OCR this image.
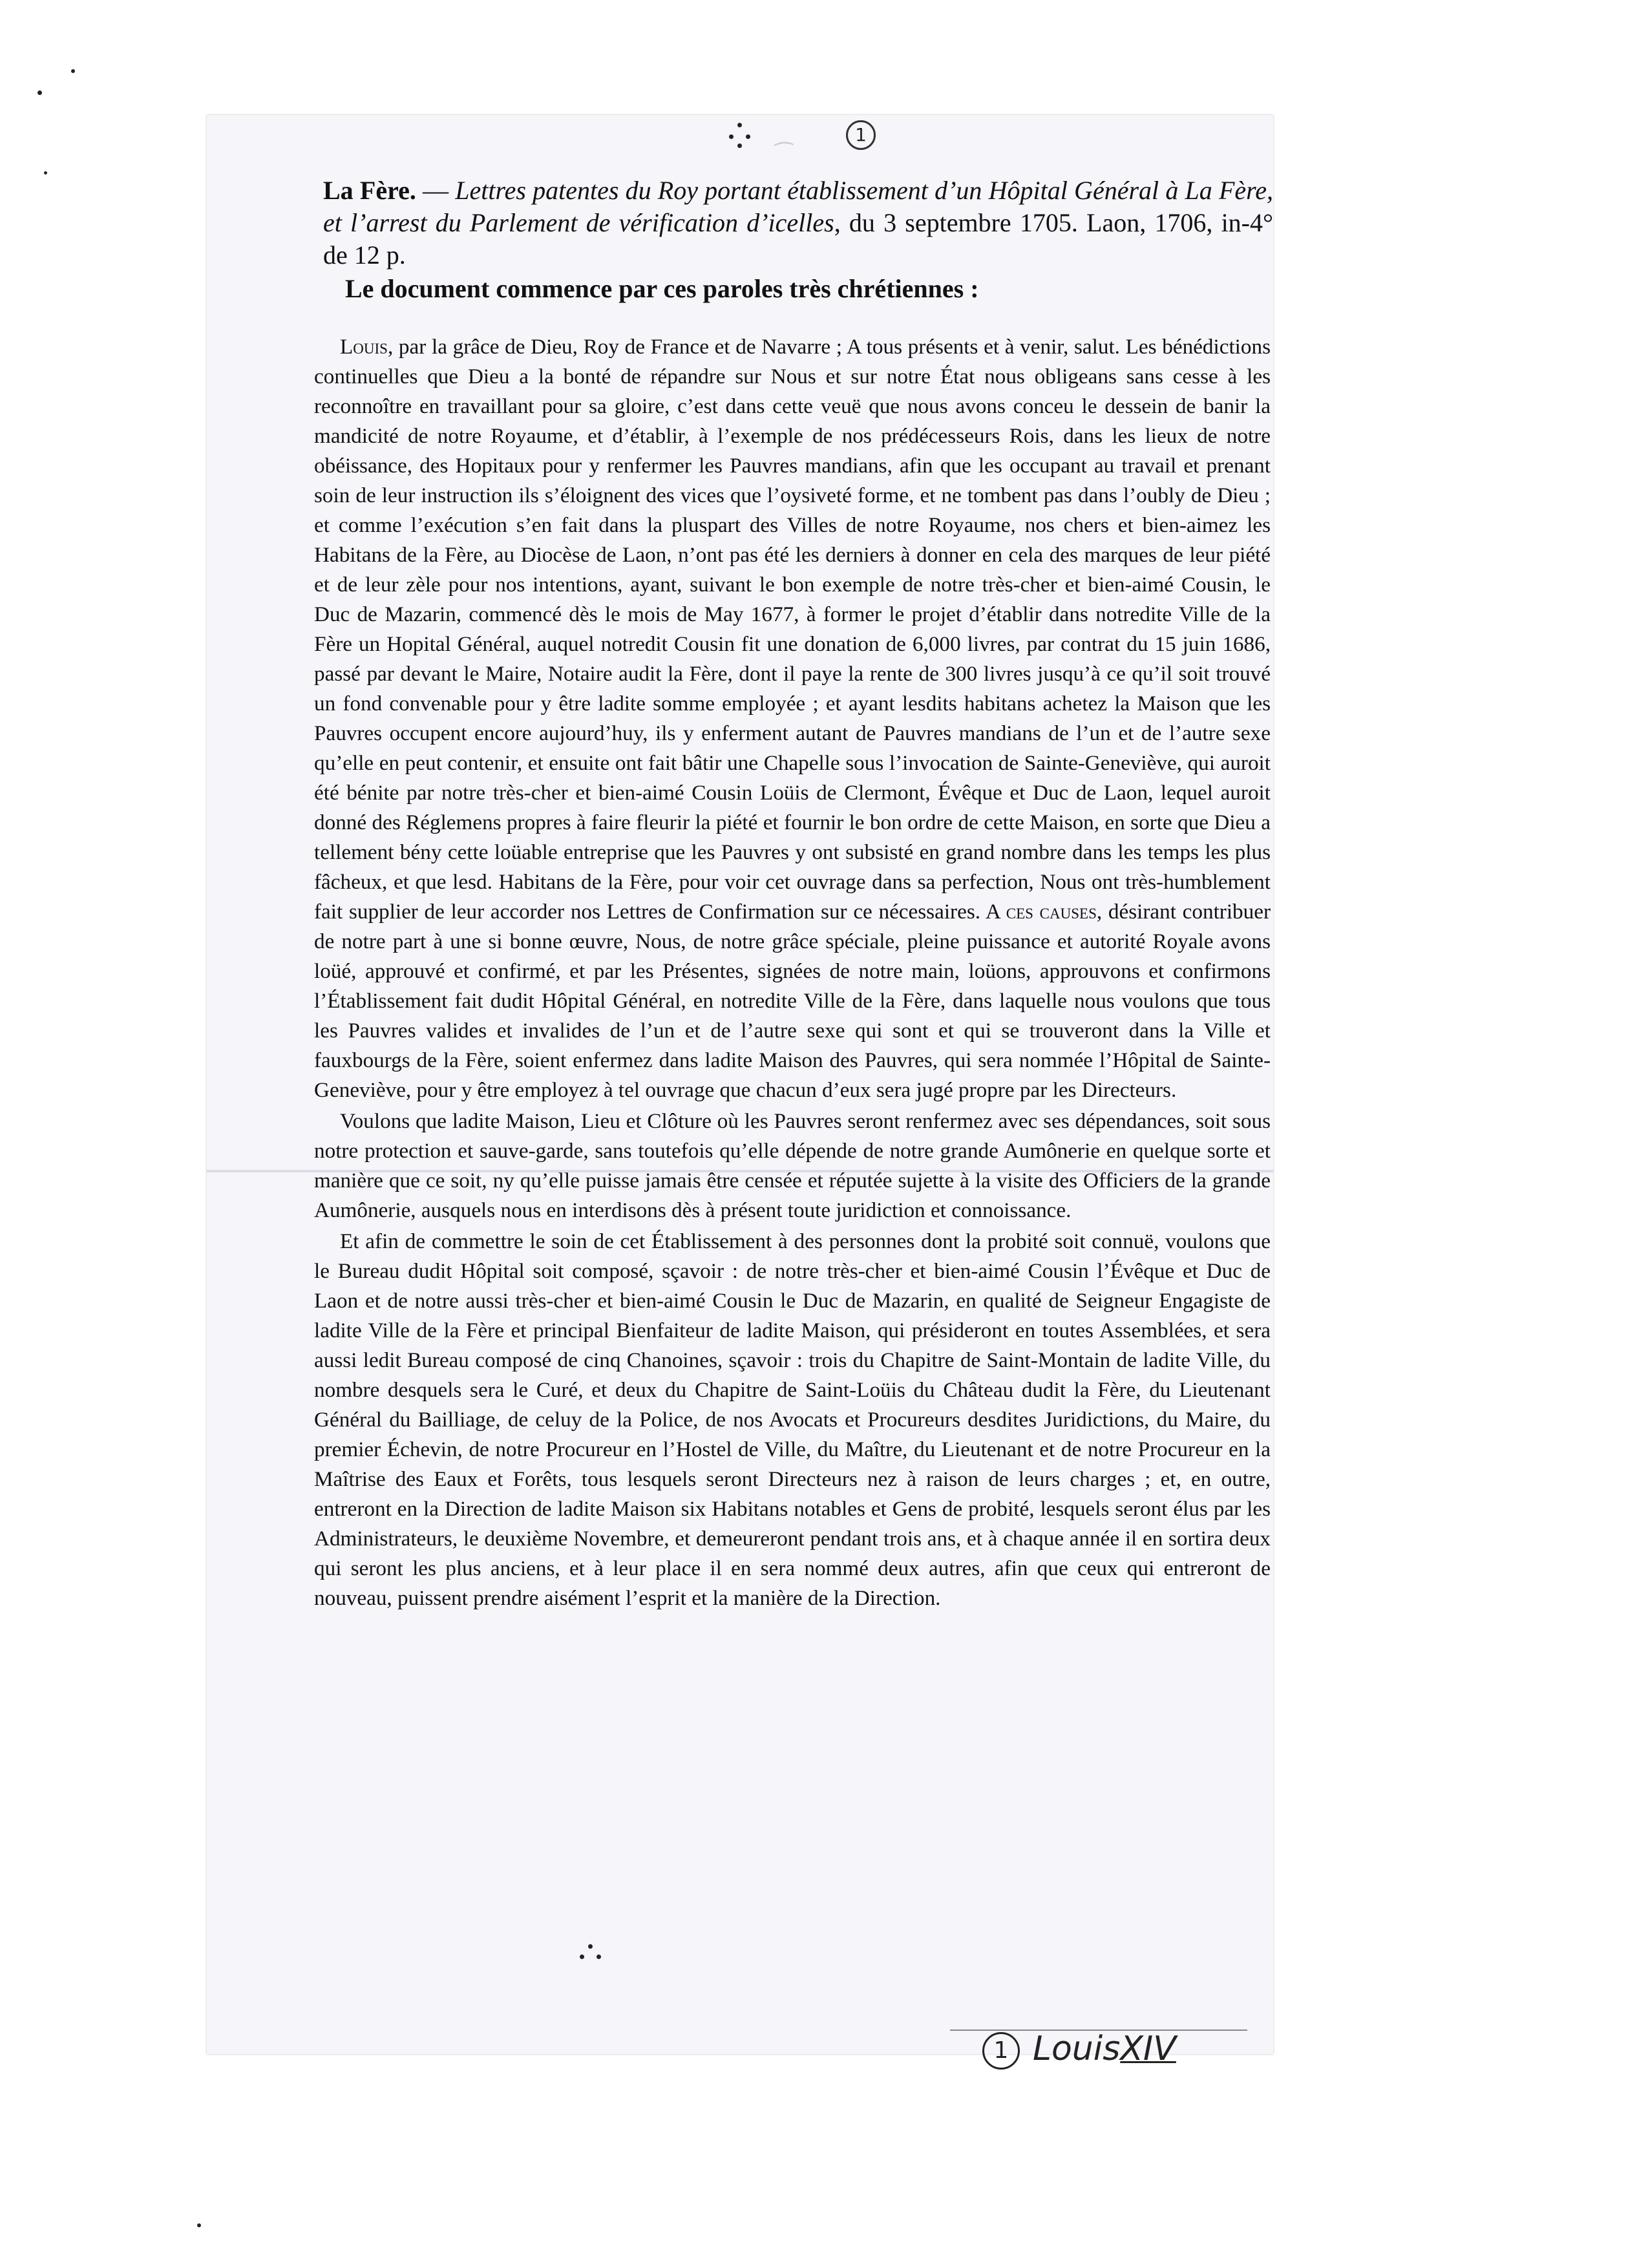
⁀
1
La Fère. — Lettres patentes du Roy portant établissement d’un Hôpital Général à La Fère, et l’arrest du Parlement de vérification d’icelles, du 3 septembre 1705. Laon, 1706, in-4° de 12 p.
Le document commence par ces paroles très chrétiennes :

Louis, par la grâce de Dieu, Roy de France et de Navarre ; A tous présents et à venir, salut. Les bénédictions continuelles que Dieu a la bonté de répandre sur Nous et sur notre État nous obligeans sans cesse à les reconnoître en travaillant pour sa gloire, c’est dans cette veuë que nous avons conceu le dessein de banir la mandicité de notre Royaume, et d’établir, à l’exemple de nos prédécesseurs Rois, dans les lieux de notre obéissance, des Hopitaux pour y renfermer les Pauvres mandians, afin que les occupant au travail et prenant soin de leur instruction ils s’éloignent des vices que l’oysiveté forme, et ne tombent pas dans l’oubly de Dieu ; et comme l’exécution s’en fait dans la pluspart des Villes de notre Royaume, nos chers et bien-aimez les Habitans de la Fère, au Diocèse de Laon, n’ont pas été les derniers à donner en cela des marques de leur piété et de leur zèle pour nos intentions, ayant, suivant le bon exemple de notre très-cher et bien-aimé Cousin, le Duc de Mazarin, commencé dès le mois de May 1677, à former le projet d’établir dans notredite Ville de la Fère un Hopital Général, auquel notredit Cousin fit une donation de 6,000 livres, par contrat du 15 juin 1686, passé par devant le Maire, Notaire audit la Fère, dont il paye la rente de 300 livres jusqu’à ce qu’il soit trouvé un fond convenable pour y être ladite somme employée ; et ayant lesdits habitans achetez la Maison que les Pauvres occupent encore aujourd’huy, ils y enferment autant de Pauvres mandians de l’un et de l’autre sexe qu’elle en peut contenir, et ensuite ont fait bâtir une Chapelle sous l’invocation de Sainte-Geneviève, qui auroit été bénite par notre très-cher et bien-aimé Cousin Loüis de Clermont, Évêque et Duc de Laon, lequel auroit donné des Réglemens propres à faire fleurir la piété et fournir le bon ordre de cette Maison, en sorte que Dieu a tellement bény cette loüable entreprise que les Pauvres y ont subsisté en grand nombre dans les temps les plus fâcheux, et que lesd. Habitans de la Fère, pour voir cet ouvrage dans sa perfection, Nous ont très-humblement fait supplier de leur accorder nos Lettres de Confirmation sur ce nécessaires. A ces causes, désirant contribuer de notre part à une si bonne œuvre, Nous, de notre grâce spéciale, pleine puissance et autorité Royale avons loüé, approuvé et confirmé, et par les Présentes, signées de notre main, loüons, approuvons et confirmons l’Établissement fait dudit Hôpital Général, en notredite Ville de la Fère, dans laquelle nous voulons que tous les Pauvres valides et invalides de l’un et de l’autre sexe qui sont et qui se trouveront dans la Ville et fauxbourgs de la Fère, soient enfermez dans ladite Maison des Pauvres, qui sera nommée l’Hôpital de Sainte-Geneviève, pour y être employez à tel ouvrage que chacun d’eux sera jugé propre par les Directeurs.

Voulons que ladite Maison, Lieu et Clôture où les Pauvres seront renfermez avec ses dépendances, soit sous notre protection et sauve-garde, sans toutefois qu’elle dépende de notre grande Aumônerie en quelque sorte et manière que ce soit, ny qu’elle puisse jamais être censée et réputée sujette à la visite des Officiers de la grande Aumônerie, ausquels nous en interdisons dès à présent toute juridiction et connoissance.

Et afin de commettre le soin de cet Établissement à des personnes dont la probité soit connuë, voulons que le Bureau dudit Hôpital soit composé, sçavoir : de notre très-cher et bien-aimé Cousin l’Évêque et Duc de Laon et de notre aussi très-cher et bien-aimé Cousin le Duc de Mazarin, en qualité de Seigneur Engagiste de ladite Ville de la Fère et principal Bienfaiteur de ladite Maison, qui présideront en toutes Assemblées, et sera aussi ledit Bureau composé de cinq Chanoines, sçavoir : trois du Chapitre de Saint-Montain de ladite Ville, du nombre desquels sera le Curé, et deux du Chapitre de Saint-Loüis du Château dudit la Fère, du Lieutenant Général du Bailliage, de celuy de la Police, de nos Avocats et Procureurs desdites Juridictions, du Maire, du premier Échevin, de notre Procureur en l’Hostel de Ville, du Maître, du Lieutenant et de notre Procureur en la Maîtrise des Eaux et Forêts, tous lesquels seront Directeurs nez à raison de leurs charges ; et, en outre, entreront en la Direction de ladite Maison six Habitans notables et Gens de probité, lesquels seront élus par les Administrateurs, le deuxième Novembre, et demeureront pendant trois ans, et à chaque année il en sortira deux qui seront les plus anciens, et à leur place il en sera nommé deux autres, afin que ceux qui entreront de nouveau, puissent prendre aisément l’esprit et la manière de la Direction.

1 LouisXIV
